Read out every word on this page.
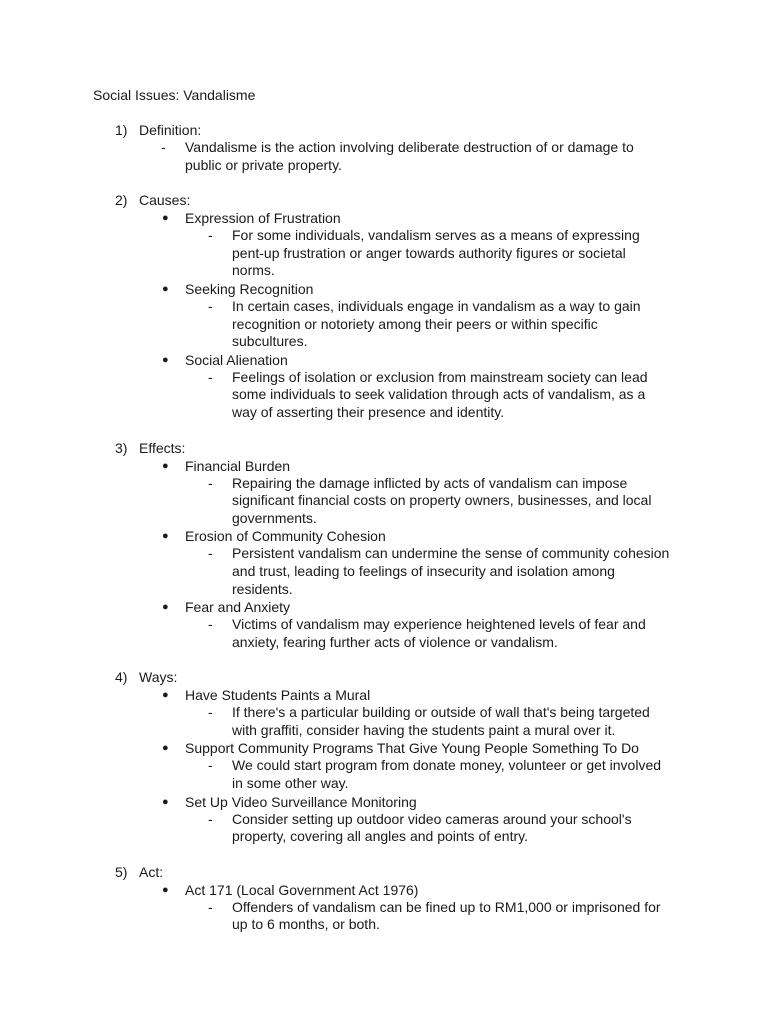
Social Issues: Vandalisme
1) Definition:
- Vandalisme is the action involving deliberate destruction of or damage to public or private property.
2) Causes:
● Expression of Frustration
- For some individuals, vandalism serves as a means of expressing pent-up frustration or anger towards authority figures or societal norms.
● Seeking Recognition
- In certain cases, individuals engage in vandalism as a way to gain recognition or notoriety among their peers or within specific subcultures.
● Social Alienation
- Feelings of isolation or exclusion from mainstream society can lead some individuals to seek validation through acts of vandalism, as a way of asserting their presence and identity.
3) Effects:
● Financial Burden
- Repairing the damage inflicted by acts of vandalism can impose significant financial costs on property owners, businesses, and local governments.
● Erosion of Community Cohesion
- Persistent vandalism can undermine the sense of community cohesion and trust, leading to feelings of insecurity and isolation among residents.
● Fear and Anxiety
- Victims of vandalism may experience heightened levels of fear and anxiety, fearing further acts of violence or vandalism.
4) Ways:
● Have Students Paints a Mural
- If there's a particular building or outside of wall that's being targeted with graffiti, consider having the students paint a mural over it.
● Support Community Programs That Give Young People Something To Do
- We could start program from donate money, volunteer or get involved in some other way.
● Set Up Video Surveillance Monitoring
- Consider setting up outdoor video cameras around your school's property, covering all angles and points of entry.
5) Act:
● Act 171 (Local Government Act 1976)
- Offenders of vandalism can be fined up to RM1,000 or imprisoned for up to 6 months, or both.
